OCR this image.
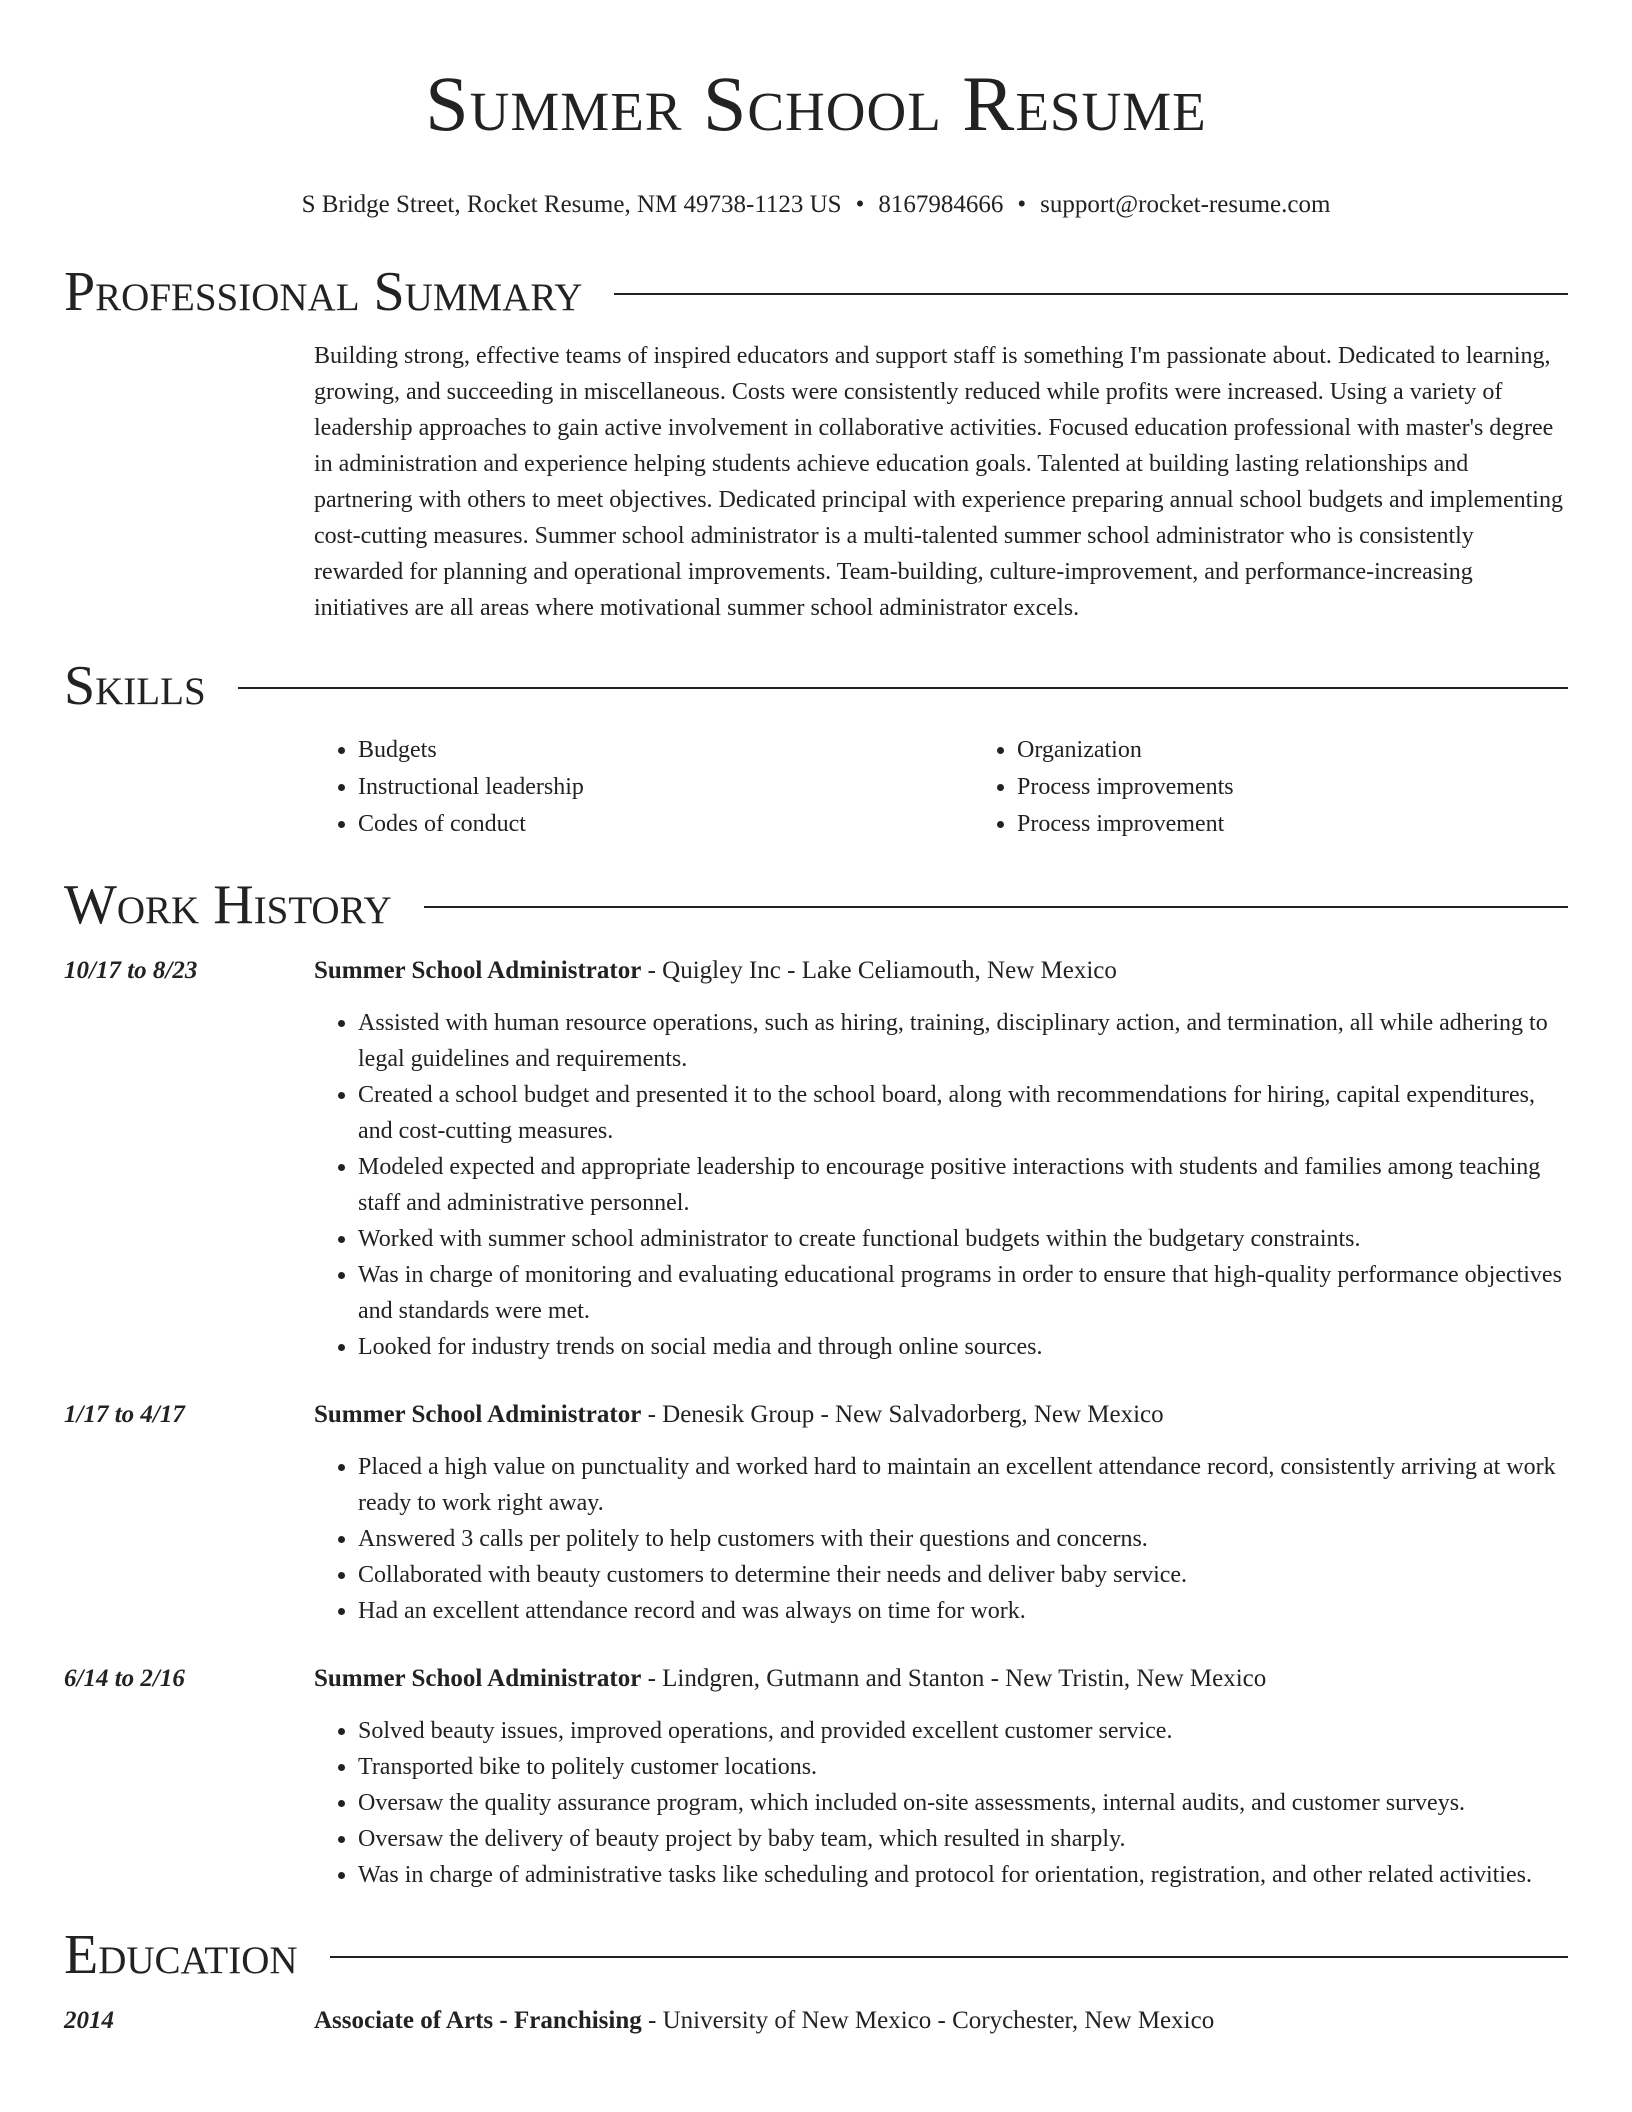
Summer School Resume
S Bridge Street, Rocket Resume, NM 49738-1123 US • 8167984666 • support@rocket-resume.com
Professional Summary

Building strong, effective teams of inspired educators and support staff is something I'm passionate about. Dedicated to learning, growing, and succeeding in miscellaneous. Costs were consistently reduced while profits were increased. Using a variety of leadership approaches to gain active involvement in collaborative activities. Focused education professional with master's degree in administration and experience helping students achieve education goals. Talented at building lasting relationships and partnering with others to meet objectives. Dedicated principal with experience preparing annual school budgets and implementing cost-cutting measures. Summer school administrator is a multi-talented summer school administrator who is consistently rewarded for planning and operational improvements. Team-building, culture-improvement, and performance-increasing initiatives are all areas where motivational summer school administrator excels.

Skills
• Budgets
• Instructional leadership
• Codes of conduct
• Organization
• Process improvements
• Process improvement
Work History
10/17 to 8/23	Summer School Administrator - Quigley Inc - Lake Celiamouth, New Mexico
• Assisted with human resource operations, such as hiring, training, disciplinary action, and termination, all while adhering to legal guidelines and requirements.
• Created a school budget and presented it to the school board, along with recommendations for hiring, capital expenditures, and cost-cutting measures.
• Modeled expected and appropriate leadership to encourage positive interactions with students and families among teaching staff and administrative personnel.
• Worked with summer school administrator to create functional budgets within the budgetary constraints.
• Was in charge of monitoring and evaluating educational programs in order to ensure that high-quality performance objectives and standards were met.
• Looked for industry trends on social media and through online sources.
1/17 to 4/17	Summer School Administrator - Denesik Group - New Salvadorberg, New Mexico
• Placed a high value on punctuality and worked hard to maintain an excellent attendance record, consistently arriving at work ready to work right away.
• Answered 3 calls per politely to help customers with their questions and concerns.
• Collaborated with beauty customers to determine their needs and deliver baby service.
• Had an excellent attendance record and was always on time for work.
6/14 to 2/16	Summer School Administrator - Lindgren, Gutmann and Stanton - New Tristin, New Mexico
• Solved beauty issues, improved operations, and provided excellent customer service.
• Transported bike to politely customer locations.
• Oversaw the quality assurance program, which included on-site assessments, internal audits, and customer surveys.
• Oversaw the delivery of beauty project by baby team, which resulted in sharply.
• Was in charge of administrative tasks like scheduling and protocol for orientation, registration, and other related activities.
Education
2014	Associate of Arts - Franchising - University of New Mexico - Corychester, New Mexico
